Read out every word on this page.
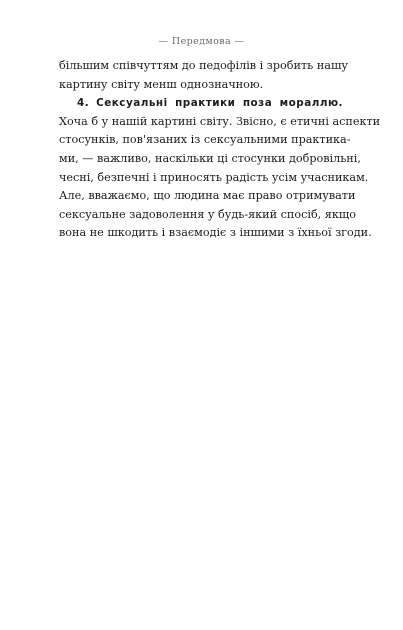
— Передмова —
більшим співчуттям до педофілів і зробить нашу
картину світу менш однозначною.
4. Сексуальні практики поза мораллю.
Хоча б у нашій картині світу. Звісно, є етичні аспекти
стосунків, пов'язаних із сексуальними практика-
ми, — важливо, наскільки ці стосунки добровільні,
чесні, безпечні і приносять радість усім учасникам.
Але, вважаємо, що людина має право отримувати
сексуальне задоволення у будь-який спосіб, якщо
вона не шкодить і взаємодіє з іншими з їхньої згоди.
